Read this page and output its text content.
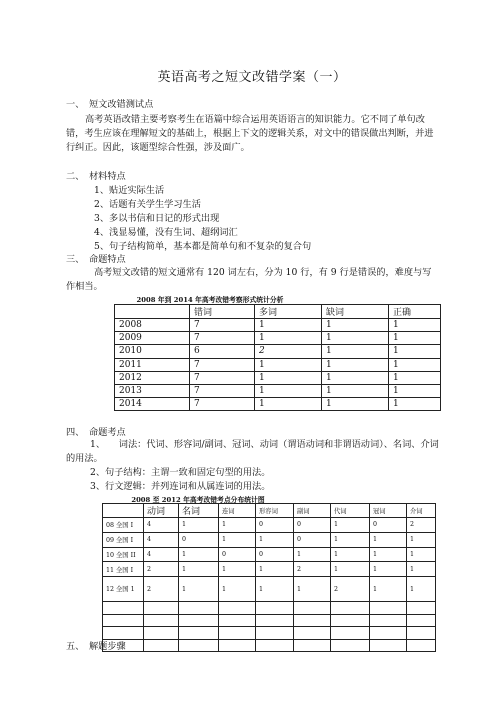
英语高考之短文改错学案（一）
一、　短文改错测试点
高考英语改错主要考察考生在语篇中综合运用英语语言的知识能力。它不同了单句改错，考生应该在理解短文的基础上，根据上下文的逻辑关系，对文中的错误做出判断，并进行纠正。因此，该题型综合性强，涉及面广。
二、　材料特点
1、贴近实际生活
2、话题有关学生学习生活
3、多以书信和日记的形式出现
4、浅显易懂，没有生词、超纲词汇
5、句子结构简单，基本都是简单句和不复杂的复合句
三、　命题特点
高考短文改错的短文通常有 120 词左右，分为 10 行，有 9 行是错误的，难度与写作相当。
2008 年到 2014 年高考改错考察形式统计分析
	错词	多词	缺词	正确
2008	7	1	1	1
2009	7	1	1	1
2010	6	2	1	1
2011	7	1	1	1
2012	7	1	1	1
2013	7	1	1	1
2014	7	1	1	1
四、　命题考点
1、　　词法：代词、形容词/副词、冠词、动词（谓语动词和非谓语动词）、名词、介词的用法。
2、句子结构：主谓一致和固定句型的用法。
3、行文逻辑：并列连词和从属连词的用法。
2008 至 2012 年高考改错考点分布统计图
	动词	名词	连词	形容词	副词	代词	冠词	介词
08 全国 I	4	1	1	0	0	1	0	2
09 全国 I	4	0	1	1	0	1	1	1
10 全国 II	4	1	0	0	1	1	1	1
11 全国 I	2	1	1	1	2	1	1	1
12 全国 1	2	1	1	1	1	2	1	1

五、　解题步骤
